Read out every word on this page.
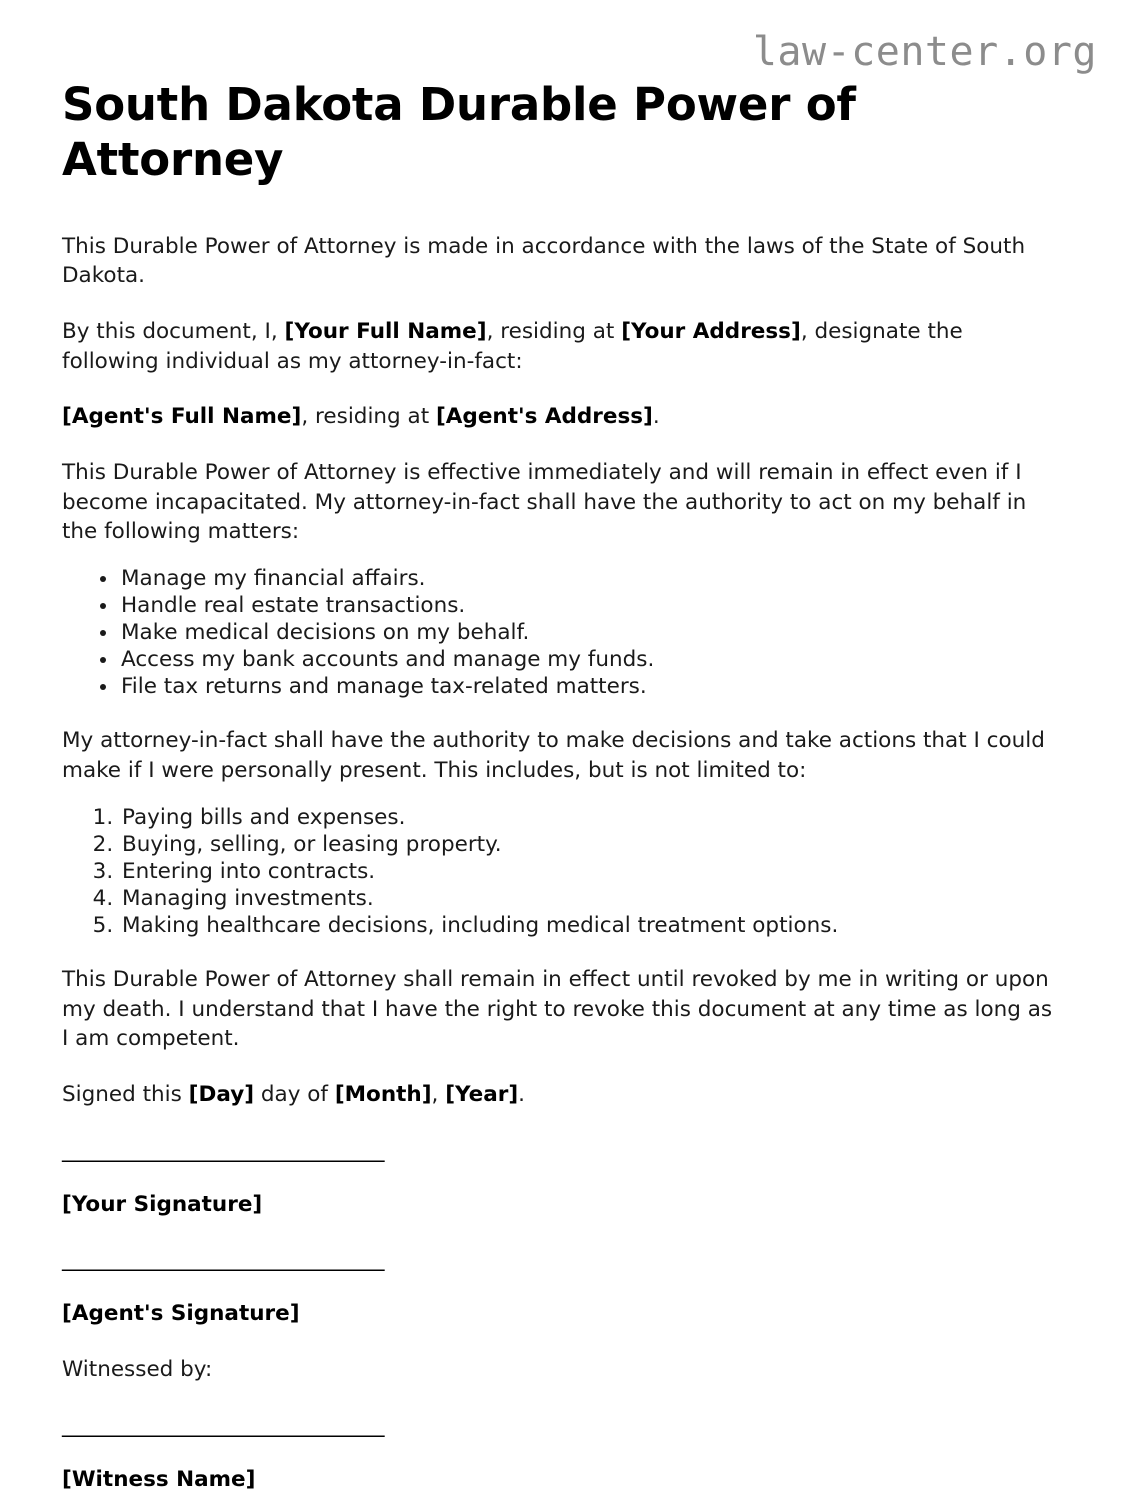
law-center.org
South Dakota Durable Power of Attorney

This Durable Power of Attorney is made in accordance with the laws of the State of South Dakota.

By this document, I, [Your Full Name], residing at [Your Address], designate the following individual as my attorney-in-fact:

[Agent's Full Name], residing at [Agent's Address].

This Durable Power of Attorney is effective immediately and will remain in effect even if I become incapacitated. My attorney-in-fact shall have the authority to act on my behalf in the following matters:

• Manage my financial affairs.
• Handle real estate transactions.
• Make medical decisions on my behalf.
• Access my bank accounts and manage my funds.
• File tax returns and manage tax-related matters.

My attorney-in-fact shall have the authority to make decisions and take actions that I could make if I were personally present. This includes, but is not limited to:

1. Paying bills and expenses.
2. Buying, selling, or leasing property.
3. Entering into contracts.
4. Managing investments.
5. Making healthcare decisions, including medical treatment options.

This Durable Power of Attorney shall remain in effect until revoked by me in writing or upon my death. I understand that I have the right to revoke this document at any time as long as I am competent.

Signed this [Day] day of [Month], [Year].

______________________________
[Your Signature]
______________________________
[Agent's Signature]
Witnessed by:
______________________________
[Witness Name]
